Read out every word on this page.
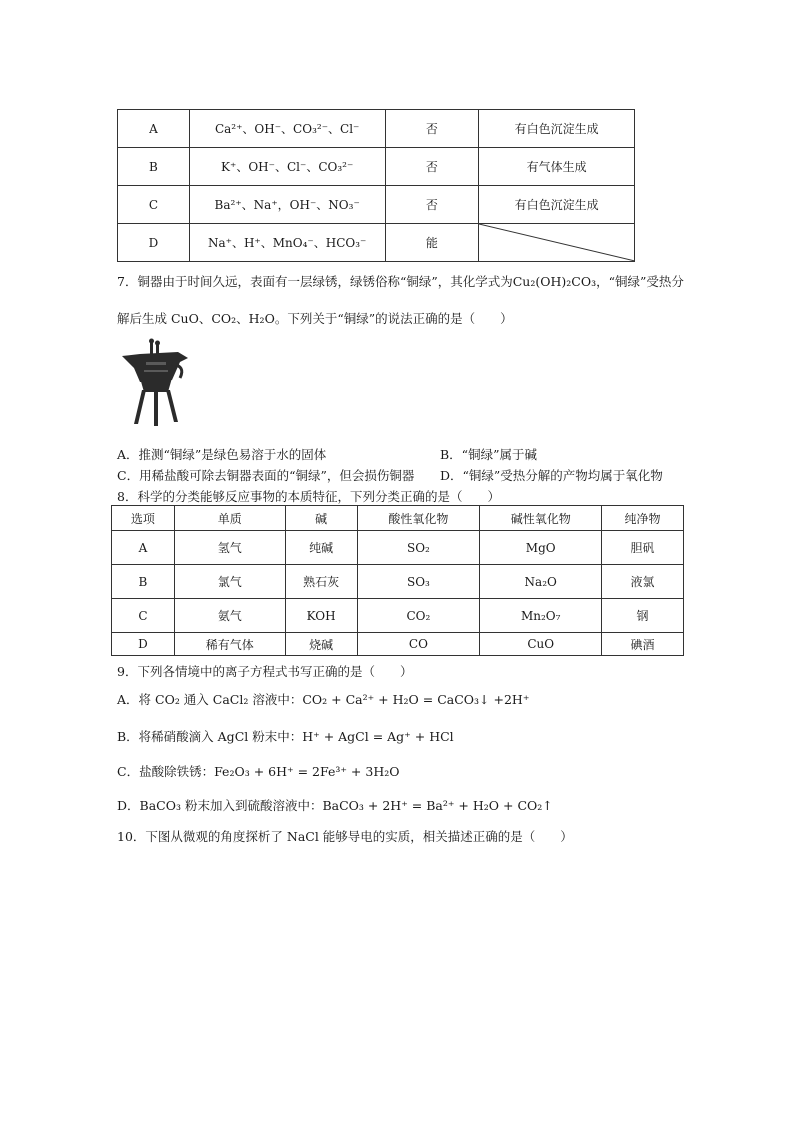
A	Ca²⁺、OH⁻、CO₃²⁻、Cl⁻	否	有白色沉淀生成
B	K⁺、OH⁻、Cl⁻、CO₃²⁻	否	有气体生成
C	Ba²⁺、Na⁺，OH⁻、NO₃⁻	否	有白色沉淀生成
D	Na⁺、H⁺、MnO₄⁻、HCO₃⁻	能	
7．铜器由于时间久远，表面有一层绿锈，绿锈俗称“铜绿”，其化学式为Cu₂(OH)₂CO₃，“铜绿”受热分
解后生成 CuO、CO₂、H₂O。下列关于“铜绿”的说法正确的是（　　）
A．推测“铜绿”是绿色易溶于水的固体	B．“铜绿”属于碱
C．用稀盐酸可除去铜器表面的“铜绿”，但会损伤铜器 D．“铜绿”受热分解的产物均属于氧化物
8．科学的分类能够反应事物的本质特征，下列分类正确的是（　　）
选项	单质	碱	酸性氧化物	碱性氧化物	纯净物
A	氢气	纯碱	SO₂	MgO	胆矾
B	氯气	熟石灰	SO₃	Na₂O	液氯
C	氨气	KOH	CO₂	Mn₂O₇	钢
D	稀有气体	烧碱	CO	CuO	碘酒
9．下列各情境中的离子方程式书写正确的是（　　）
A．将 CO₂ 通入 CaCl₂ 溶液中：CO₂ + Ca²⁺ + H₂O = CaCO₃↓ +2H⁺
B．将稀硝酸滴入 AgCl 粉末中：H⁺ + AgCl = Ag⁺ + HCl
C．盐酸除铁锈：Fe₂O₃ + 6H⁺ = 2Fe³⁺ + 3H₂O
D．BaCO₃ 粉末加入到硫酸溶液中：BaCO₃ + 2H⁺ = Ba²⁺ + H₂O + CO₂↑
10．下图从微观的角度探析了 NaCl 能够导电的实质，相关描述正确的是（　　）
